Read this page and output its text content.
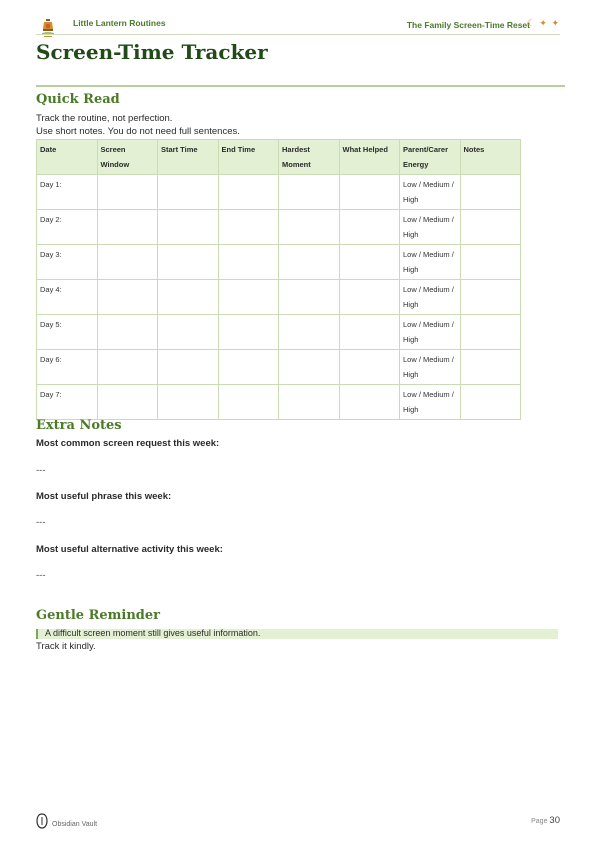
Little Lantern Routines	The Family Screen-Time Reset
☾ ✦ ✦
Screen-Time Tracker
Quick Read
Track the routine, not perfection.
Use short notes. You do not need full sentences.
Date	Screen Window	Start Time	End Time	Hardest Moment	What Helped	Parent/Carer Energy	Notes
Day 1:						Low / Medium / High	
Day 2:						Low / Medium / High	
Day 3:						Low / Medium / High	
Day 4:						Low / Medium / High	
Day 5:						Low / Medium / High	
Day 6:						Low / Medium / High	
Day 7:						Low / Medium / High	
Extra Notes
Most common screen request this week:
---
Most useful phrase this week:
---
Most useful alternative activity this week:
---
Gentle Reminder
A difficult screen moment still gives useful information.
Track it kindly.
Obsidian Vault	Page 30
